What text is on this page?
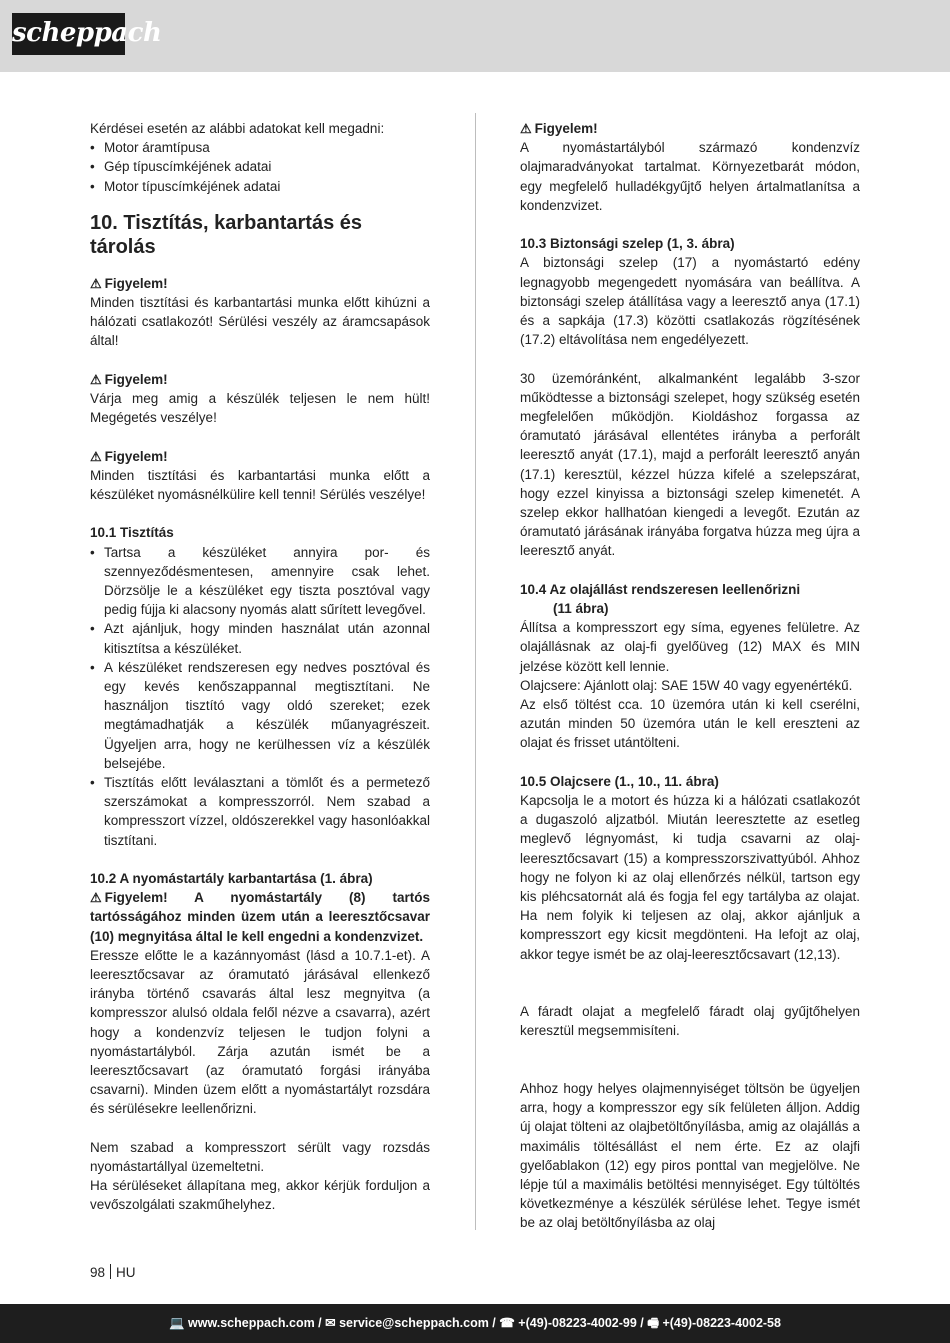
scheppach

Kérdései esetén az alábbi adatokat kell megadni:

• Motor áramtípusa
• Gép típuscímkéjének adatai
• Motor típuscímkéjének adatai
10. Tisztítás, karbantartás és tárolás

⚠ Figyelem!

Minden tisztítási és karbantartási munka előtt kihúzni a hálózati csatlakozót! Sérülési veszély az áramcsapások által!

⚠ Figyelem!

Várja meg amig a készülék teljesen le nem hült! Megégetés veszélye!

⚠ Figyelem!

Minden tisztítási és karbantartási munka előtt a készüléket nyomásnélkülire kell tenni! Sérülés veszélye!

10.1 Tisztítás

• Tartsa a készüléket annyira por- és szennyeződésmentesen, amennyire csak lehet. Dörzsölje le a készüléket egy tiszta posztóval vagy pedig fújja ki alacsony nyomás alatt sűrített levegővel.
• Azt ajánljuk, hogy minden használat után azonnal kitisztítsa a készüléket.
• A készüléket rendszeresen egy nedves posztóval és egy kevés kenőszappannal megtisztítani. Ne használjon tisztító vagy oldó szereket; ezek megtámadhatják a készülék műanyagrészeit. Ügyeljen arra, hogy ne kerülhessen víz a készülék belsejébe.
• Tisztítás előtt leválasztani a tömlőt és a permetező szerszámokat a kompresszorról. Nem szabad a kompresszort vízzel, oldószerekkel vagy hasonlóakkal tisztítani.

10.2 A nyomástartály karbantartása (1. ábra)

⚠ Figyelem! A nyomástartály (8) tartós tartósságához minden üzem után a leeresztőcsavar (10) megnyitása által le kell engedni a kondenzvizet.

Eressze előtte le a kazánnyomást (lásd a 10.7.1-et). A leeresztőcsavar az óramutató járásával ellenkező irányba történő csavarás által lesz megnyitva (a kompresszor alulsó oldala felől nézve a csavarra), azért hogy a kondenzvíz teljesen le tudjon folyni a nyomástartályból. Zárja azután ismét be a leeresztőcsavart (az óramutató forgási irányába csavarni). Minden üzem előtt a nyomástartályt rozsdára és sérülésekre leellenőrizni.

Nem szabad a kompresszort sérült vagy rozsdás nyomástartállyal üzemeltetni.

Ha sérüléseket állapítana meg, akkor kérjük forduljon a vevőszolgálati szakműhelyhez.

⚠ Figyelem!

A nyomástartályból származó kondenzvíz olajmaradványokat tartalmat. Környezetbarát módon, egy megfelelő hulladékgyűjtő helyen ártalmatlanítsa a kondenzvizet.

10.3 Biztonsági szelep (1, 3. ábra)

A biztonsági szelep (17) a nyomástartó edény legnagyobb megengedett nyomására van beállítva. A biztonsági szelep átállítása vagy a leeresztő anya (17.1) és a sapkája (17.3) közötti csatlakozás rögzítésének (17.2) eltávolítása nem engedélyezett.

30 üzemóránként, alkalmanként legalább 3-szor működtesse a biztonsági szelepet, hogy szükség esetén megfelelően működjön. Kioldáshoz forgassa az óramutató járásával ellentétes irányba a perforált leeresztő anyát (17.1), majd a perforált leeresztő anyán (17.1) keresztül, kézzel húzza kifelé a szelepszárat, hogy ezzel kinyissa a biztonsági szelep kimenetét. A szelep ekkor hallhatóan kiengedi a levegőt. Ezután az óramutató járásának irányába forgatva húzza meg újra a leeresztő anyát.

10.4 Az olajállást rendszeresen leellenőrizni

(11 ábra)

Állítsa a kompresszort egy síma, egyenes felületre. Az olajállásnak az olaj-fi gyelőüveg (12) MAX és MIN jelzése között kell lennie.

Olajcsere: Ajánlott olaj: SAE 15W 40 vagy egyenértékű.

Az első töltést cca. 10 üzemóra után ki kell cserélni, azután minden 50 üzemóra után le kell ereszteni az olajat és frisset utántölteni.

10.5 Olajcsere (1., 10., 11. ábra)

Kapcsolja le a motort és húzza ki a hálózati csatlakozót a dugaszoló aljzatból. Miután leeresztette az esetleg meglevő légnyomást, ki tudja csavarni az olaj-leeresztőcsavart (15) a kompresszorszivattyúból. Ahhoz hogy ne folyon ki az olaj ellenőrzés nélkül, tartson egy kis pléhcsatornát alá és fogja fel egy tartályba az olajat. Ha nem folyik ki teljesen az olaj, akkor ajánljuk a kompresszort egy kicsit megdönteni. Ha lefojt az olaj, akkor tegye ismét be az olaj-leeresztőcsavart (12,13).

A fáradt olajat a megfelelő fáradt olaj gyűjtőhelyen keresztül megsemmisíteni.

Ahhoz hogy helyes olajmennyiséget töltsön be ügyeljen arra, hogy a kompresszor egy sík felületen álljon. Addig új olajat tölteni az olajbetöltőnyílásba, amig az olajállás a maximális töltésállást el nem érte. Ez az olajfi gyelőablakon (12) egy piros ponttal van megjelölve. Ne lépje túl a maximális betöltési mennyiséget. Egy túltöltés következménye a készülék sérülése lehet. Tegye ismét be az olaj betöltőnyílásba az olaj

98 HU
💻 www.scheppach.com / ✉ service@scheppach.com / ☎ +(49)-08223-4002-99 / 🖷 +(49)-08223-4002-58
